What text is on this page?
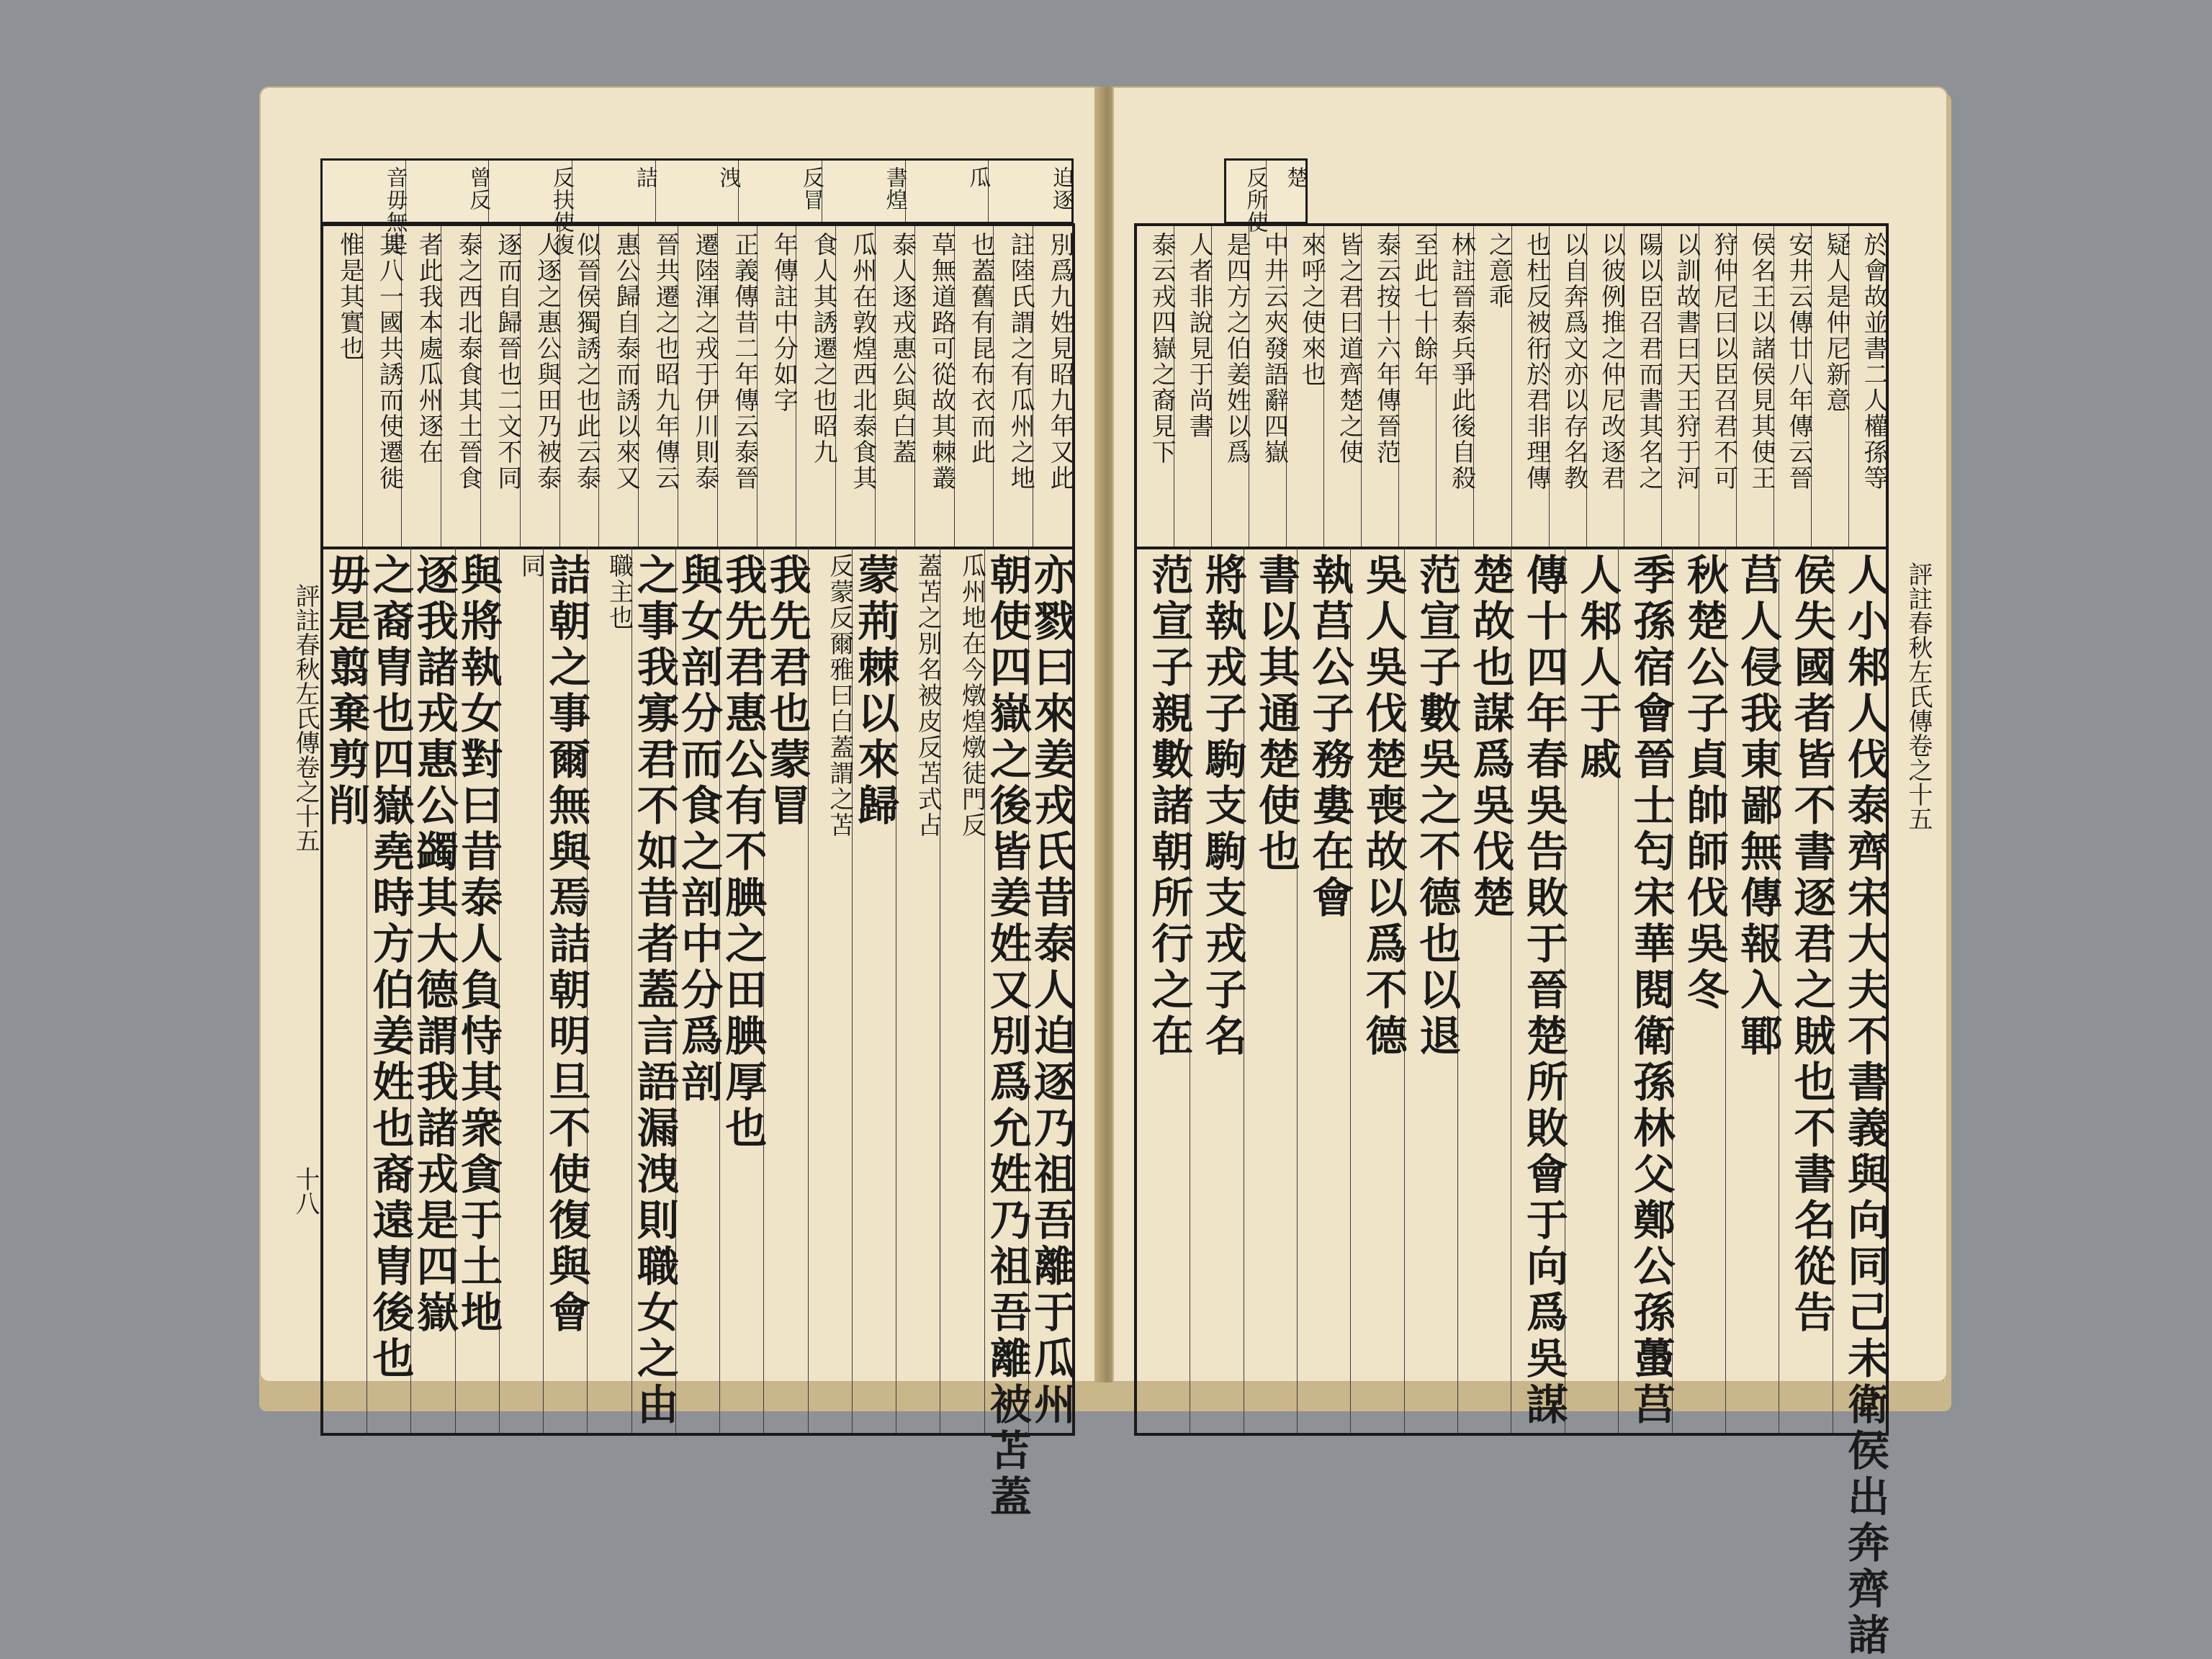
迫逐
瓜
書煌
反冒
洩
詰
反扶使復
曾反
音毋無是
別爲九姓見昭九年又此
註陸氏謂之有瓜州之地
也蓋舊有昆布衣而此
草無道路可從故其棘叢
泰人逐戎惠公與白蓋
瓜州在敦煌西北泰食其
食人其誘遷之也昭九
年傳註中分如字
正義傳昔二年傳云泰晉
遷陸渾之戎于伊川則泰
晉共遷之也昭九年傳云
惠公歸自泰而誘以來又
似晉侯獨誘之也此云泰
人逐之惠公與田乃被泰
逐而自歸晉也二文不同
泰之西北泰食其土晉食
者此我本處瓜州逐在
其八一國共誘而使遷徙
惟是其實也
亦戮曰來姜戎氏昔泰人迫逐乃祖吾離于瓜州
朝使四嶽之後皆姜姓又別爲允姓乃祖吾離被苫蓋
瓜州地在今燉煌燉徒門反
蓋苫之別名被皮反苫式占
蒙荊棘以來歸
反蒙反爾雅曰白蓋謂之苫
我先君也蒙冒
我先君惠公有不腆之田腆厚也
與女剖分而食之剖中分爲剖
之事我寡君不如昔者蓋言語漏洩則職女之由
職主也
詰朝之事爾無與焉詰朝明旦不使復與會
同
與將執女對曰昔泰人負恃其衆貪于土地
逐我諸戎惠公蠲其大德謂我諸戎是四嶽
之裔胄也四嶽堯時方伯姜姓也裔遠胄後也
毋是翦棄剪削
評註春秋左氏傳卷之十五
十八
楚
反所使
於會故並書二人權孫等
疑人是仲尼新意
安井云傳廿八年傳云晉
侯名王以諸侯見其使王
狩仲尼曰以臣召君不可
以訓故書曰天王狩于河
陽以臣召君而書其名之
以彼例推之仲尼改逐君
以自奔爲文亦以存名教
也杜反被衎於君非理傳
之意乖
林註晉泰兵爭此後自殺
至此七十餘年
泰云按十六年傳晉范
皆之君曰道齊楚之使
來呼之使來也
中井云夾發語辭四嶽
是四方之伯姜姓以爲
人者非說見于尚書
泰云戎四嶽之裔見下
人小邾人伐泰齊宋大夫不書義與向同己未衛侯出奔齊諸
侯失國者皆不書逐君之賊也不書名從告
莒人侵我東鄙無傳報入鄆
秋楚公子貞帥師伐吳冬
季孫宿會晉士匄宋華閱衛孫林父鄭公孫蠆莒
人邾人于戚
傳十四年春吳告敗于晉楚所敗會于向爲吳謀
楚故也謀爲吳伐楚
范宣子數吳之不德也以退
吳人吳伐楚喪故以爲不德
執莒公子務婁在會
書以其通楚使也
將執戎子駒支駒支戎子名
范宣子親數諸朝所行之在	評註春秋左氏傳卷之十五
